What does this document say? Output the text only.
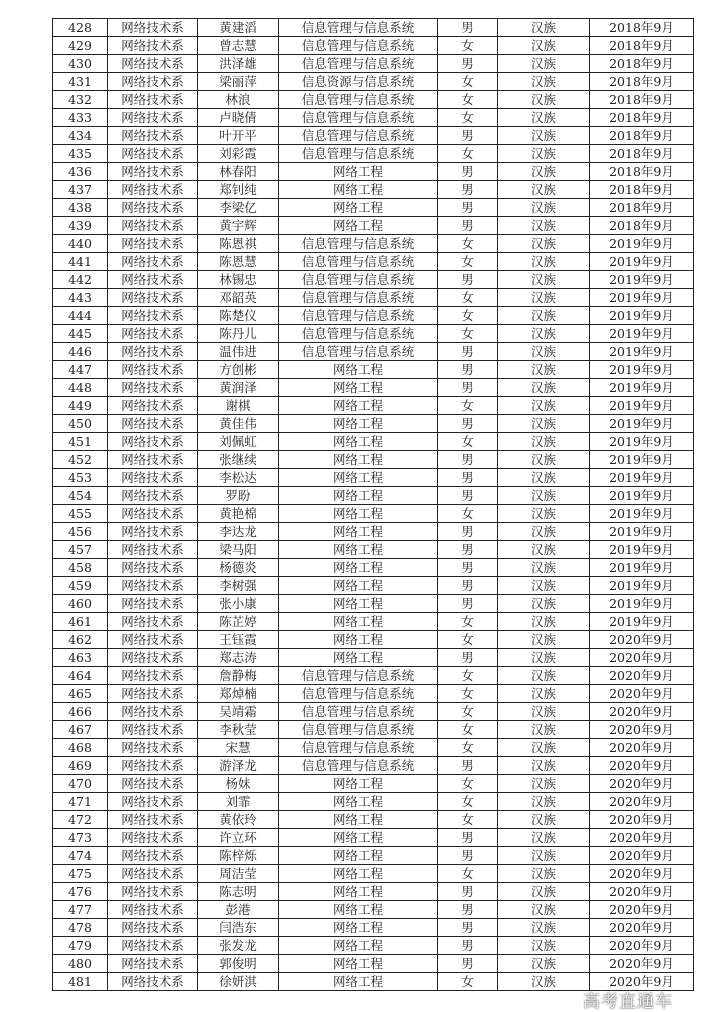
428	网络技术系	黄建滔	信息管理与信息系统	男	汉族	2018年9月
429	网络技术系	曾志慧	信息管理与信息系统	女	汉族	2018年9月
430	网络技术系	洪泽雄	信息管理与信息系统	男	汉族	2018年9月
431	网络技术系	梁丽萍	信息资源与信息系统	女	汉族	2018年9月
432	网络技术系	林浪	信息管理与信息系统	女	汉族	2018年9月
433	网络技术系	卢晓倩	信息管理与信息系统	女	汉族	2018年9月
434	网络技术系	叶开平	信息管理与信息系统	男	汉族	2018年9月
435	网络技术系	刘彩霞	信息管理与信息系统	女	汉族	2018年9月
436	网络技术系	林春阳	网络工程	男	汉族	2018年9月
437	网络技术系	郑钊纯	网络工程	男	汉族	2018年9月
438	网络技术系	李梁亿	网络工程	男	汉族	2018年9月
439	网络技术系	黄宇辉	网络工程	男	汉族	2018年9月
440	网络技术系	陈恩祺	信息管理与信息系统	女	汉族	2019年9月
441	网络技术系	陈恩慧	信息管理与信息系统	女	汉族	2019年9月
442	网络技术系	林锡忠	信息管理与信息系统	男	汉族	2019年9月
443	网络技术系	邓韶英	信息管理与信息系统	女	汉族	2019年9月
444	网络技术系	陈楚仪	信息管理与信息系统	女	汉族	2019年9月
445	网络技术系	陈丹儿	信息管理与信息系统	女	汉族	2019年9月
446	网络技术系	温伟进	信息管理与信息系统	男	汉族	2019年9月
447	网络技术系	方创彬	网络工程	男	汉族	2019年9月
448	网络技术系	黄润泽	网络工程	男	汉族	2019年9月
449	网络技术系	谢棋	网络工程	女	汉族	2019年9月
450	网络技术系	黄佳伟	网络工程	男	汉族	2019年9月
451	网络技术系	刘佩虹	网络工程	女	汉族	2019年9月
452	网络技术系	张继续	网络工程	男	汉族	2019年9月
453	网络技术系	李松达	网络工程	男	汉族	2019年9月
454	网络技术系	罗盼	网络工程	男	汉族	2019年9月
455	网络技术系	黄艳棉	网络工程	女	汉族	2019年9月
456	网络技术系	李达龙	网络工程	男	汉族	2019年9月
457	网络技术系	梁马阳	网络工程	男	汉族	2019年9月
458	网络技术系	杨德炎	网络工程	男	汉族	2019年9月
459	网络技术系	李树强	网络工程	男	汉族	2019年9月
460	网络技术系	张小康	网络工程	男	汉族	2019年9月
461	网络技术系	陈芷婷	网络工程	女	汉族	2019年9月
462	网络技术系	王钰霞	网络工程	女	汉族	2020年9月
463	网络技术系	郑志涛	网络工程	男	汉族	2020年9月
464	网络技术系	詹静梅	信息管理与信息系统	女	汉族	2020年9月
465	网络技术系	郑焯楠	信息管理与信息系统	女	汉族	2020年9月
466	网络技术系	吴靖霜	信息管理与信息系统	女	汉族	2020年9月
467	网络技术系	李秋莹	信息管理与信息系统	女	汉族	2020年9月
468	网络技术系	宋慧	信息管理与信息系统	女	汉族	2020年9月
469	网络技术系	游泽龙	信息管理与信息系统	男	汉族	2020年9月
470	网络技术系	杨妹	网络工程	女	汉族	2020年9月
471	网络技术系	刘霏	网络工程	女	汉族	2020年9月
472	网络技术系	黄依玲	网络工程	女	汉族	2020年9月
473	网络技术系	许立环	网络工程	男	汉族	2020年9月
474	网络技术系	陈梓烁	网络工程	男	汉族	2020年9月
475	网络技术系	周洁莹	网络工程	女	汉族	2020年9月
476	网络技术系	陈志明	网络工程	男	汉族	2020年9月
477	网络技术系	彭港	网络工程	男	汉族	2020年9月
478	网络技术系	闫浩东	网络工程	男	汉族	2020年9月
479	网络技术系	张发龙	网络工程	男	汉族	2020年9月
480	网络技术系	郭俊明	网络工程	男	汉族	2020年9月
481	网络技术系	徐妍淇	网络工程	女	汉族	2020年9月
高考直通车
